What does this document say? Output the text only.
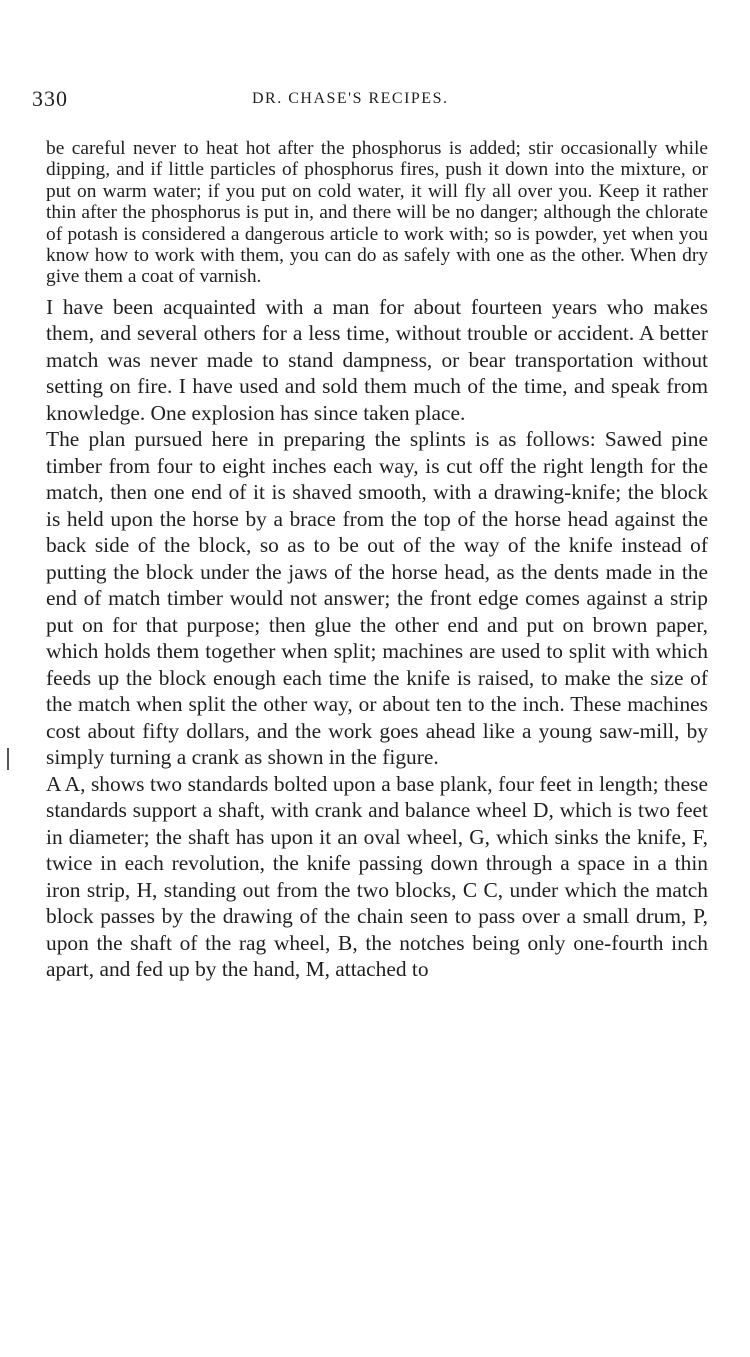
330	DR. CHASE'S RECIPES.

be careful never to heat hot after the phosphorus is added; stir occasionally while dipping, and if little particles of phosphorus fires, push it down into the mixture, or put on warm water; if you put on cold water, it will fly all over you. Keep it rather thin after the phosphorus is put in, and there will be no danger; although the chlorate of potash is considered a dangerous article to work with; so is powder, yet when you know how to work with them, you can do as safely with one as the other. When dry give them a coat of varnish.

I have been acquainted with a man for about fourteen years who makes them, and several others for a less time, without trouble or accident. A better match was never made to stand dampness, or bear transportation without setting on fire. I have used and sold them much of the time, and speak from knowledge. One explosion has since taken place.

The plan pursued here in preparing the splints is as follows: Sawed pine timber from four to eight inches each way, is cut off the right length for the match, then one end of it is shaved smooth, with a drawing-knife; the block is held upon the horse by a brace from the top of the horse head against the back side of the block, so as to be out of the way of the knife instead of putting the block under the jaws of the horse head, as the dents made in the end of match timber would not answer; the front edge comes against a strip put on for that purpose; then glue the other end and put on brown paper, which holds them together when split; machines are used to split with which feeds up the block enough each time the knife is raised, to make the size of the match when split the other way, or about ten to the inch. These machines cost about fifty dollars, and the work goes ahead like a young saw-mill, by simply turning a crank as shown in the figure.

A A, shows two standards bolted upon a base plank, four feet in length; these standards support a shaft, with crank and balance wheel D, which is two feet in diameter; the shaft has upon it an oval wheel, G, which sinks the knife, F, twice in each revolution, the knife passing down through a space in a thin iron strip, H, standing out from the two blocks, C C, under which the match block passes by the drawing of the chain seen to pass over a small drum, P, upon the shaft of the rag wheel, B, the notches being only one-fourth inch apart, and fed up by the hand, M, attached to
